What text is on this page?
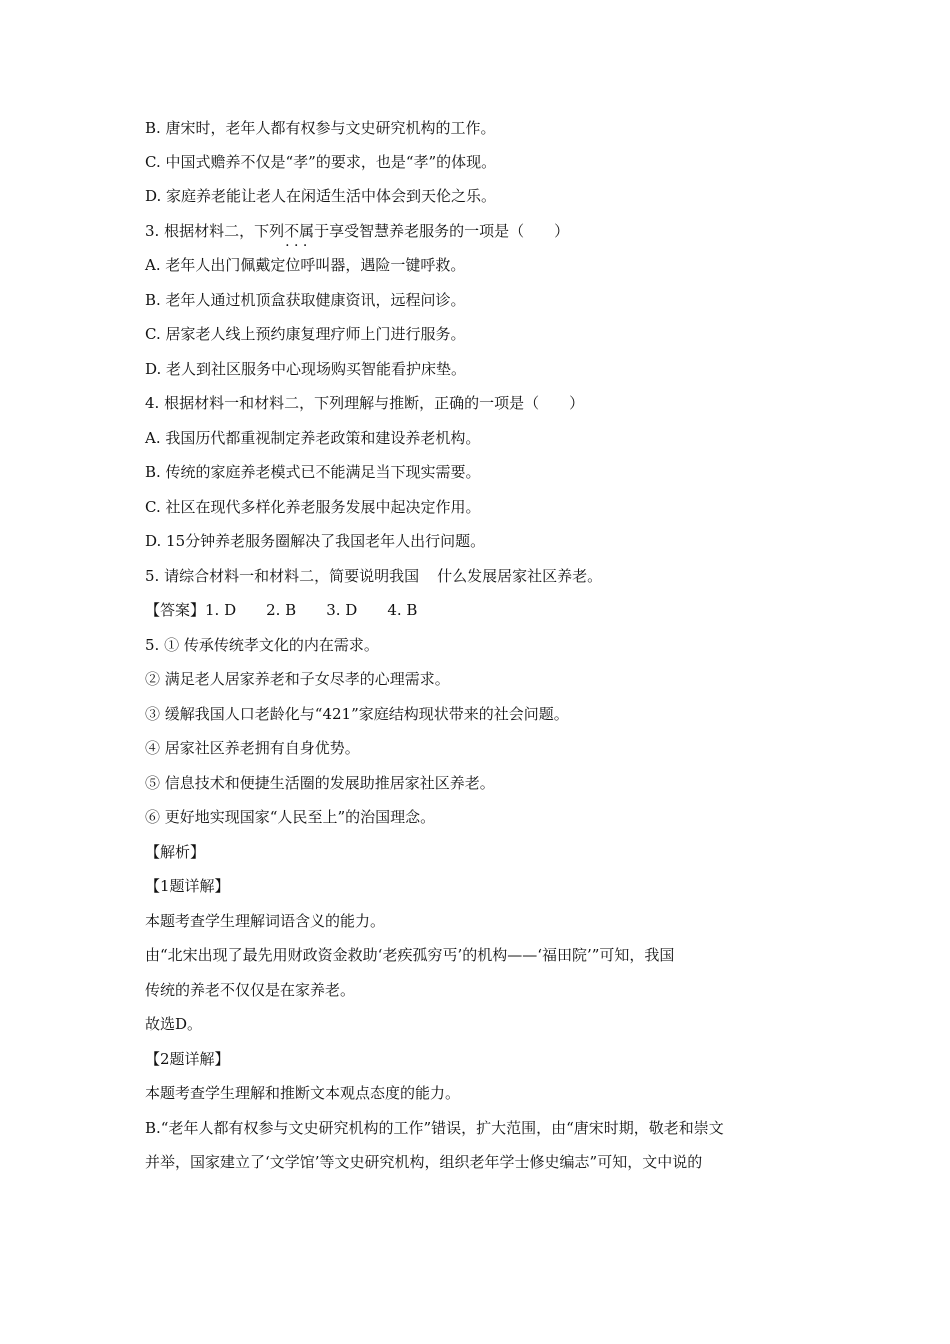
B. 唐宋时，老年人都有权参与文史研究机构的工作。
C. 中国式赡养不仅是“孝”的要求，也是“孝”的体现。
D. 家庭养老能让老人在闲适生活中体会到天伦之乐。
3. 根据材料二，下列不属于 · · ·享受智慧养老服务的一项是（　　）
A. 老年人出门佩戴定位呼叫器，遇险一键呼救。
B. 老年人通过机顶盒获取健康资讯，远程问诊。
C. 居家老人线上预约康复理疗师上门进行服务。
D. 老人到社区服务中心现场购买智能看护床垫。
4. 根据材料一和材料二，下列理解与推断，正确的一项是（　　）
A. 我国历代都重视制定养老政策和建设养老机构。
B. 传统的家庭养老模式已不能满足当下现实需要。
C. 社区在现代多样化养老服务发展中起决定作用。
D. 15分钟养老服务圈解决了我国老年人出行问题。
5. 请综合材料一和材料二，简要说明我国 什么发展居家社区养老。
【答案】1. D　　2. B　　3. D　　4. B
5. ① 传承传统孝文化的内在需求。
② 满足老人居家养老和子女尽孝的心理需求。
③ 缓解我国人口老龄化与“421”家庭结构现状带来的社会问题。
④ 居家社区养老拥有自身优势。
⑤ 信息技术和便捷生活圈的发展助推居家社区养老。
⑥ 更好地实现国家“人民至上”的治国理念。
【解析】
【1题详解】
本题考查学生理解词语含义的能力。
由“北宋出现了最先用财政资金救助‘老疾孤穷丐’的机构——‘福田院’”可知，我国
传统的养老不仅仅是在家养老。
故选D。
【2题详解】
本题考查学生理解和推断文本观点态度的能力。
B.“老年人都有权参与文史研究机构的工作”错误，扩大范围，由“唐宋时期，敬老和崇文
并举，国家建立了‘文学馆’等文史研究机构，组织老年学士修史编志”可知，文中说的
